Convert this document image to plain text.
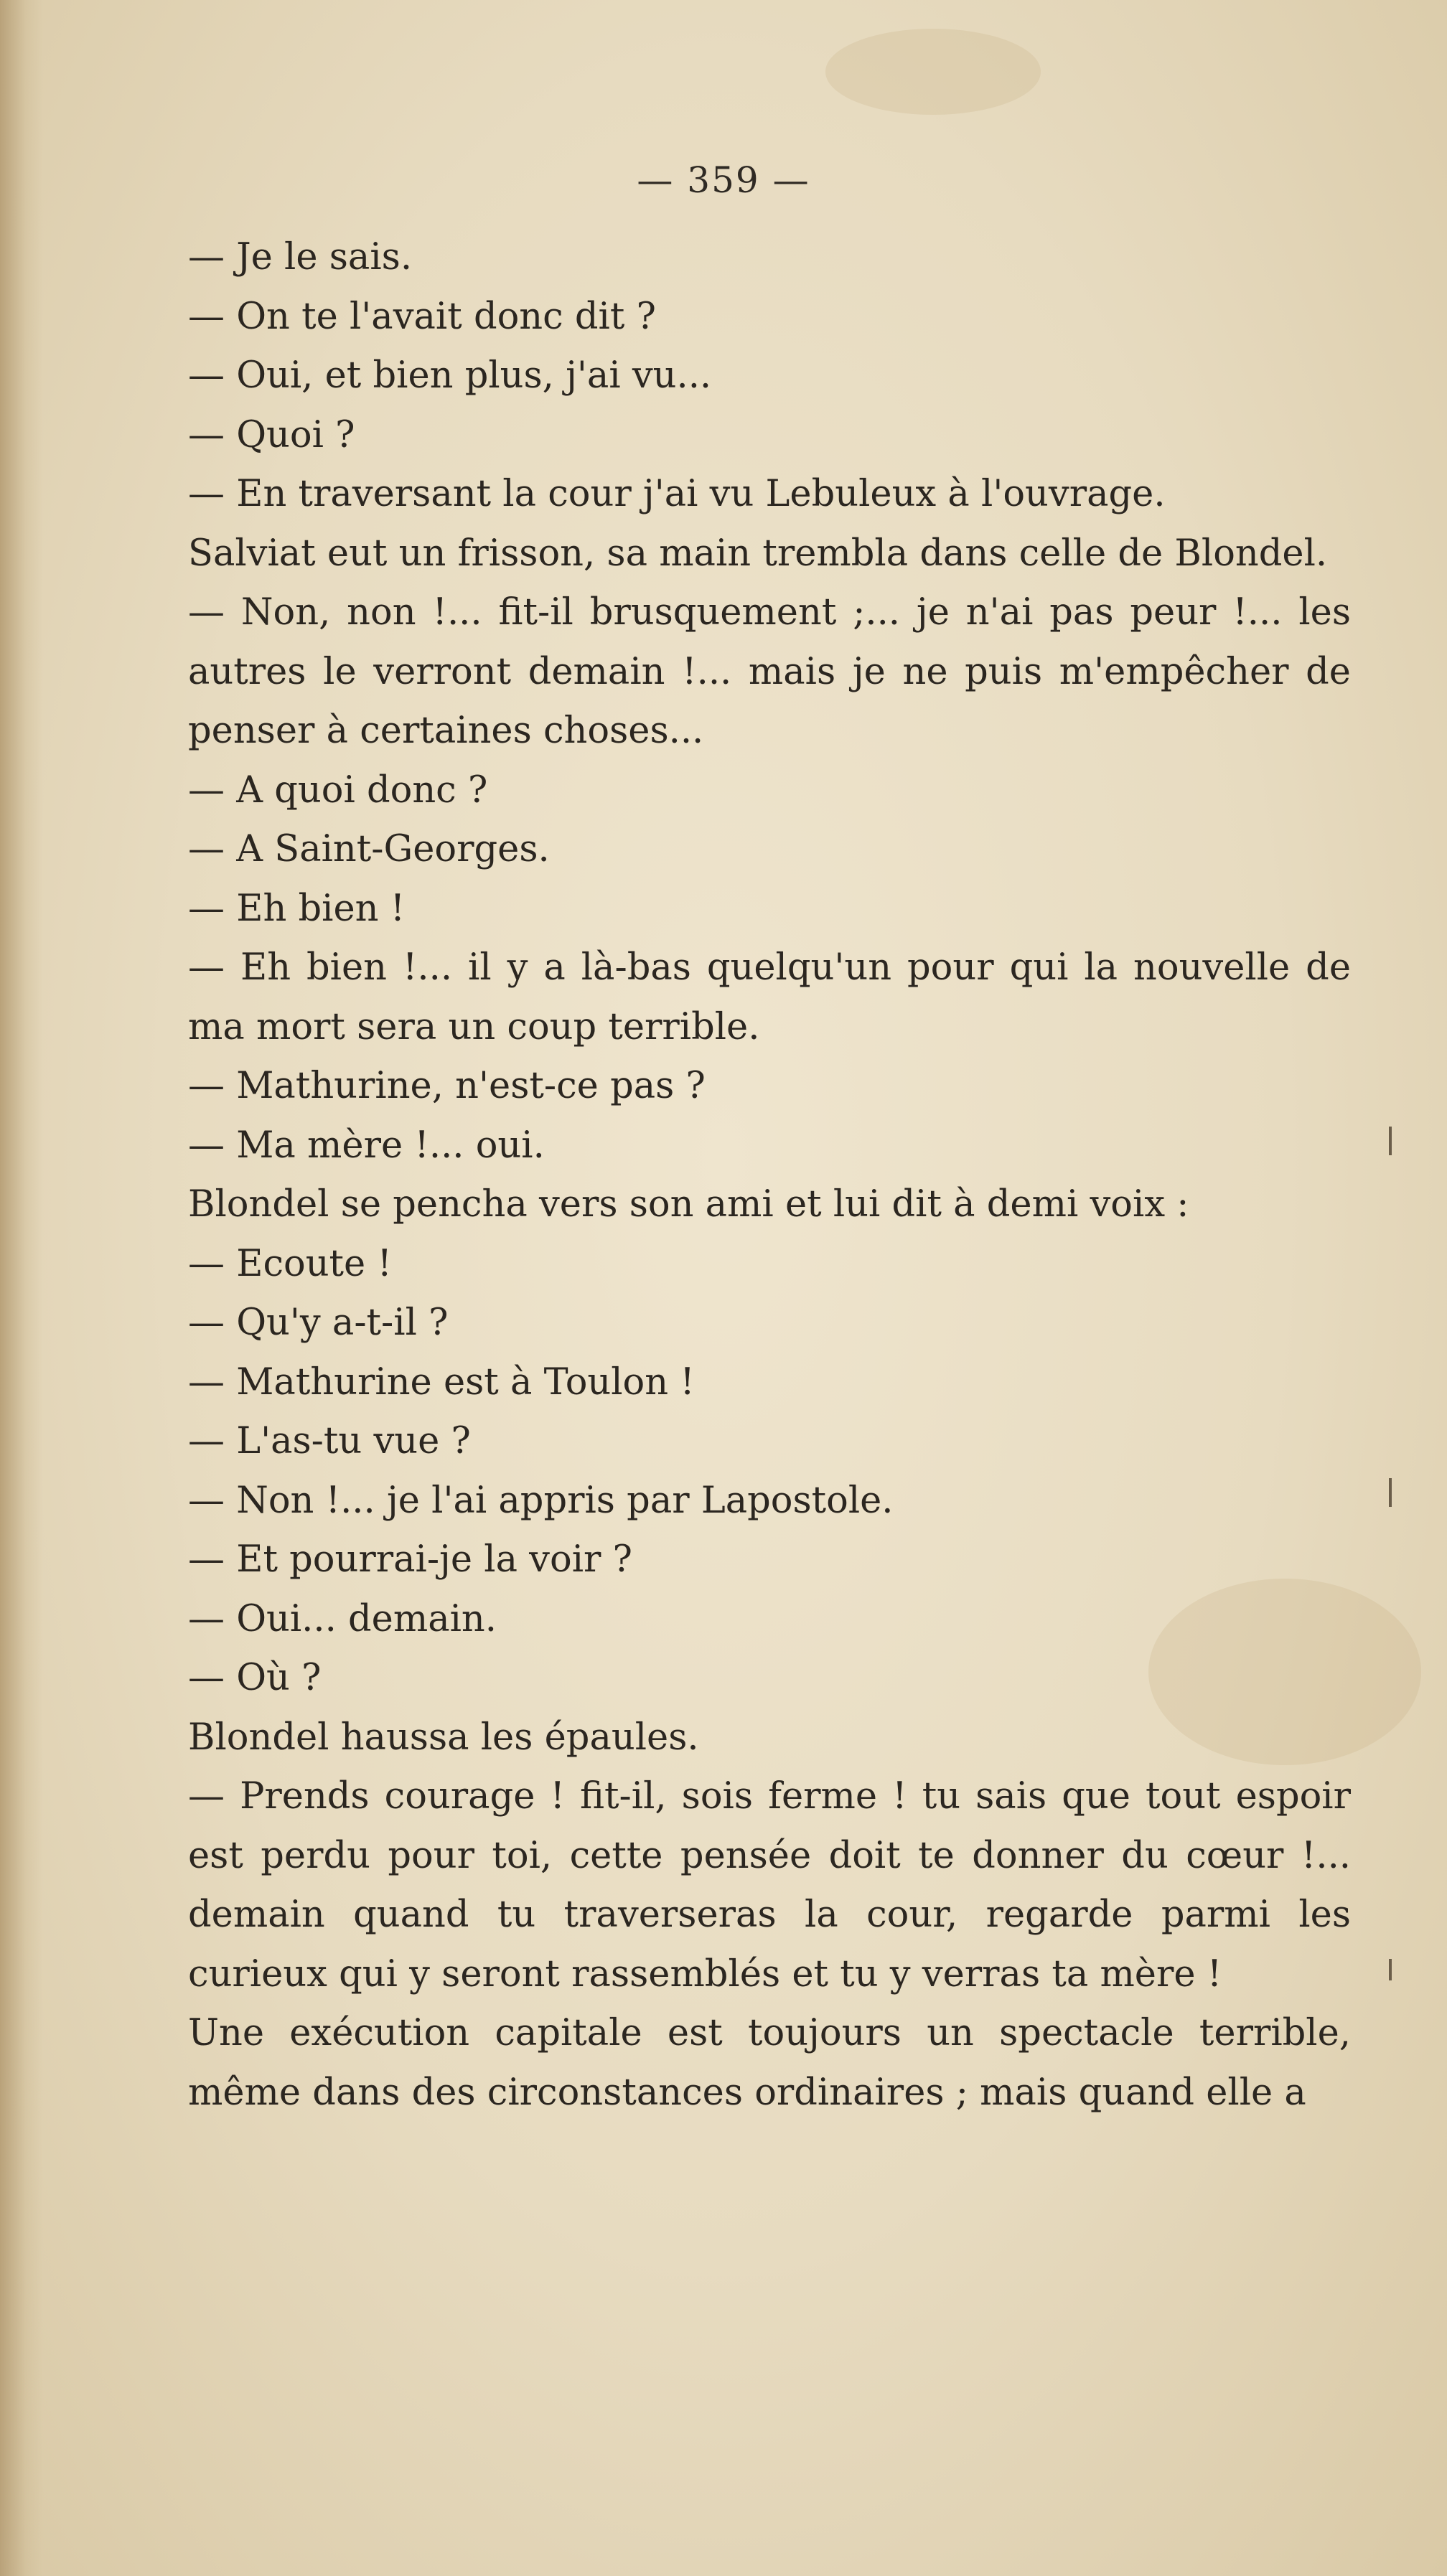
— 359 —

— Je le sais.

— On te l'avait donc dit ?

— Oui, et bien plus, j'ai vu...

— Quoi ?

— En traversant la cour j'ai vu Lebuleux à l'ouvrage.

Salviat eut un frisson, sa main trembla dans celle de Blondel.

— Non, non !... fit-il brusquement ;... je n'ai pas peur !... les autres le verront demain !... mais je ne puis m'empêcher de penser à certaines choses...

— A quoi donc ?

— A Saint-Georges.

— Eh bien !

— Eh bien !... il y a là-bas quelqu'un pour qui la nouvelle de ma mort sera un coup terrible.

— Mathurine, n'est-ce pas ?

— Ma mère !... oui.

Blondel se pencha vers son ami et lui dit à demi voix :

— Ecoute !

— Qu'y a-t-il ?

— Mathurine est à Toulon !

— L'as-tu vue ?

— Non !... je l'ai appris par Lapostole.

— Et pourrai-je la voir ?

— Oui... demain.

— Où ?

Blondel haussa les épaules.

— Prends courage ! fit-il, sois ferme ! tu sais que tout espoir est perdu pour toi, cette pensée doit te donner du cœur !... demain quand tu traverseras la cour, regarde parmi les curieux qui y seront rassemblés et tu y verras ta mère !

Une exécution capitale est toujours un spectacle terrible, même dans des circonstances ordinaires ; mais quand elle a
